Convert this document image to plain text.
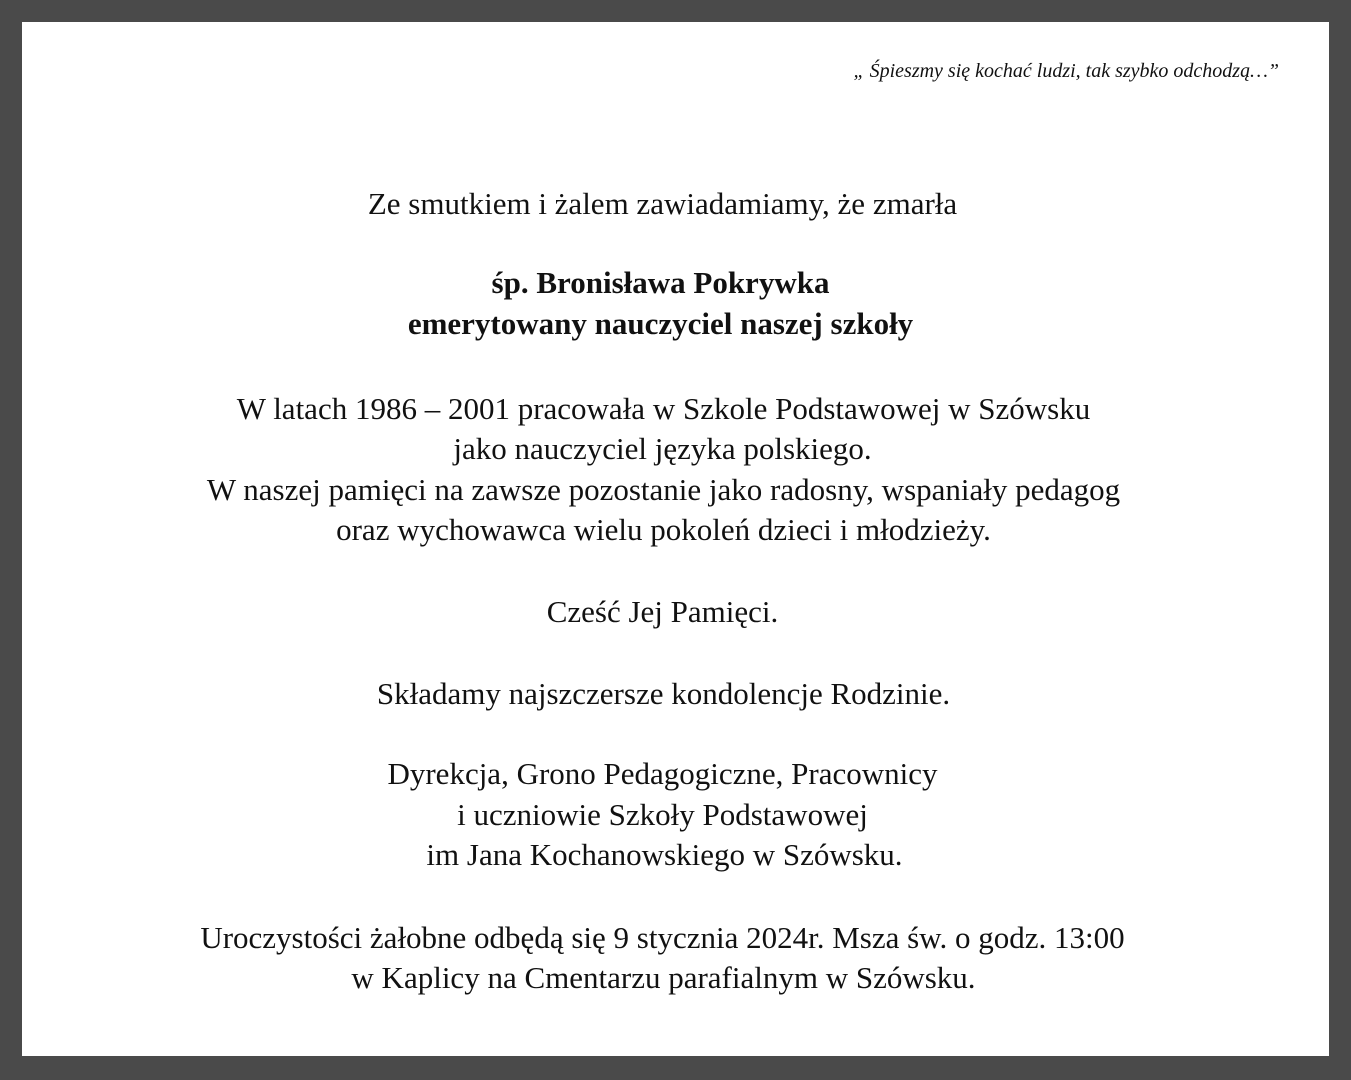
„ Śpieszmy się kochać ludzi, tak szybko odchodzą…”
Ze smutkiem i żalem zawiadamiamy, że zmarła
śp. Bronisława Pokrywka
emerytowany nauczyciel naszej szkoły
W latach 1986 – 2001 pracowała w Szkole Podstawowej w Szówsku
jako nauczyciel języka polskiego.
W naszej pamięci na zawsze pozostanie jako radosny, wspaniały pedagog
oraz wychowawca wielu pokoleń dzieci i młodzieży.
Cześć Jej Pamięci.
Składamy najszczersze kondolencje Rodzinie.
Dyrekcja, Grono Pedagogiczne, Pracownicy
i uczniowie Szkoły Podstawowej
im Jana Kochanowskiego w Szówsku.
Uroczystości żałobne odbędą się 9 stycznia 2024r. Msza św. o godz. 13:00
w Kaplicy na Cmentarzu parafialnym w Szówsku.
